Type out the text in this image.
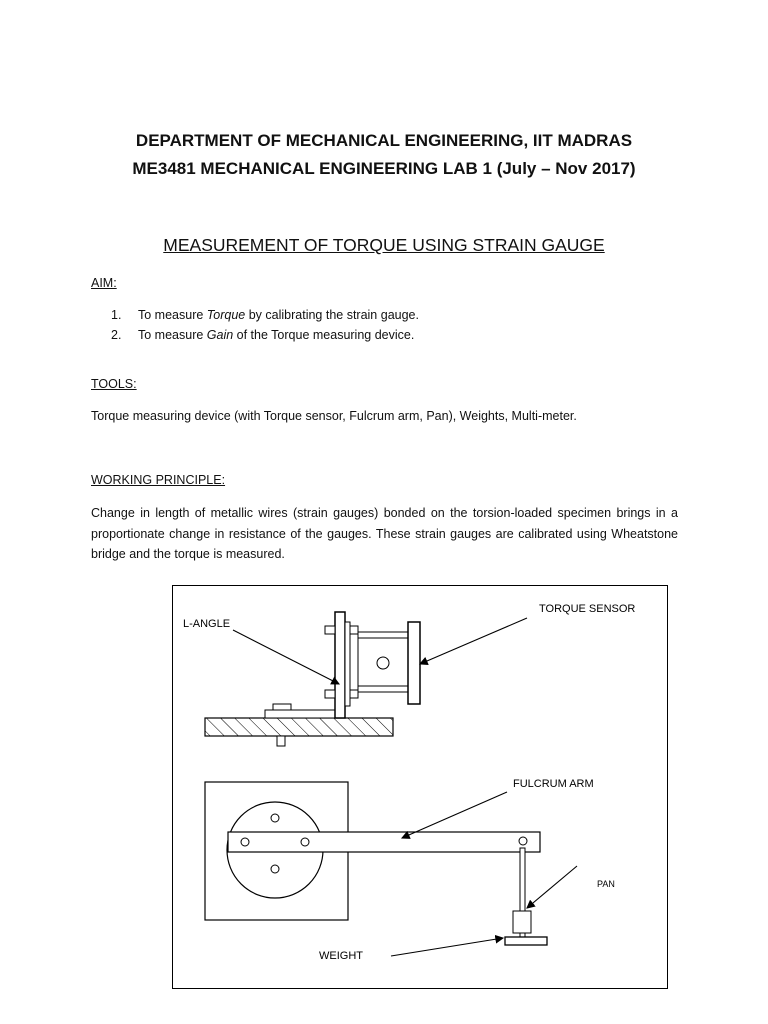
DEPARTMENT OF MECHANICAL ENGINEERING, IIT MADRAS
ME3481 MECHANICAL ENGINEERING LAB 1 (July – Nov 2017)
MEASUREMENT OF TORQUE USING STRAIN GAUGE
AIM:
1.	To measure Torque by calibrating the strain gauge.
2.	To measure Gain of the Torque measuring device.
TOOLS:
Torque measuring device (with Torque sensor, Fulcrum arm, Pan), Weights, Multi-meter.
WORKING PRINCIPLE:

Change in length of metallic wires (strain gauges) bonded on the torsion-loaded specimen brings in a proportionate change in resistance of the gauges. These strain gauges are calibrated using Wheatstone bridge and the torque is measured.

L-ANGLE
TORQUE SENSOR
FULCRUM ARM
PAN
WEIGHT
